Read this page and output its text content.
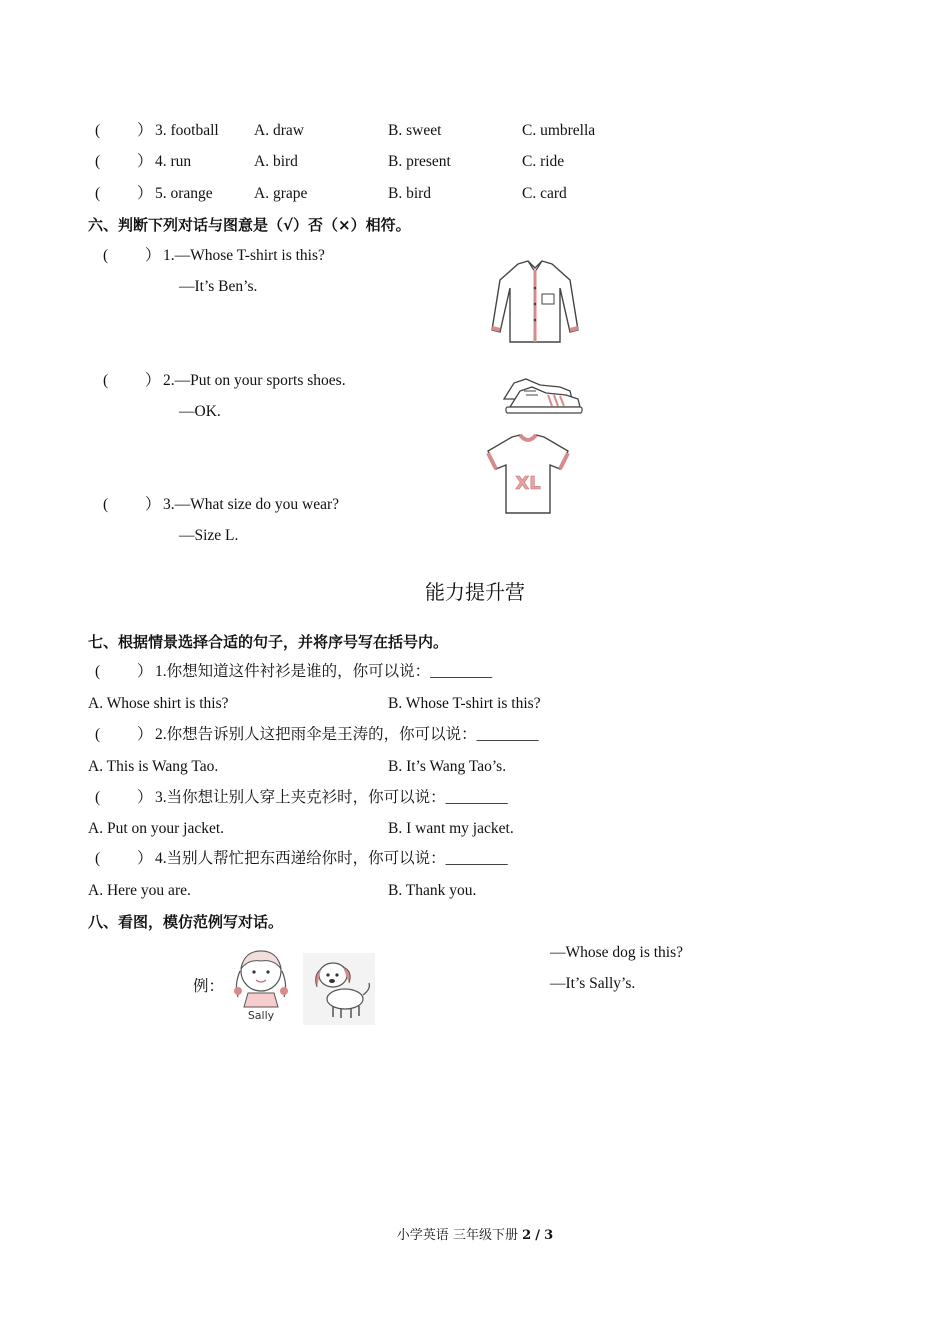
( ） 3. football A. draw	B. sweet	C. umbrella
( ） 4. run	A. bird	B. present	C. ride
( ） 5. orange	A. grape	B. bird	C. card
六、判断下列对话与图意是（√）否（×）相符。
( ） 1.—Whose T-shirt is this?
—It’s Ben’s.
( ） 2.—Put on your sports shoes.
—OK.
( ） 3.—What size do you wear?
—Size L.
XL
能力提升营
七、根据情景选择合适的句子，并将序号写在括号内。
( ） 1.你想知道这件衬衫是谁的，你可以说：________
A. Whose shirt is this?	B. Whose T-shirt is this?
( ） 2.你想告诉别人这把雨伞是王涛的，你可以说：________
A. This is Wang Tao.	B. It’s Wang Tao’s.
( ） 3.当你想让别人穿上夹克衫时，你可以说：________
A. Put on your jacket.	B. I want my jacket.
( ） 4.当别人帮忙把东西递给你时，你可以说：________
A. Here you are.	B. Thank you.
八、看图，模仿范例写对话。
例：
Sally
—Whose dog is this?
—It’s Sally’s.
小学英语 三年级下册 2 / 3
